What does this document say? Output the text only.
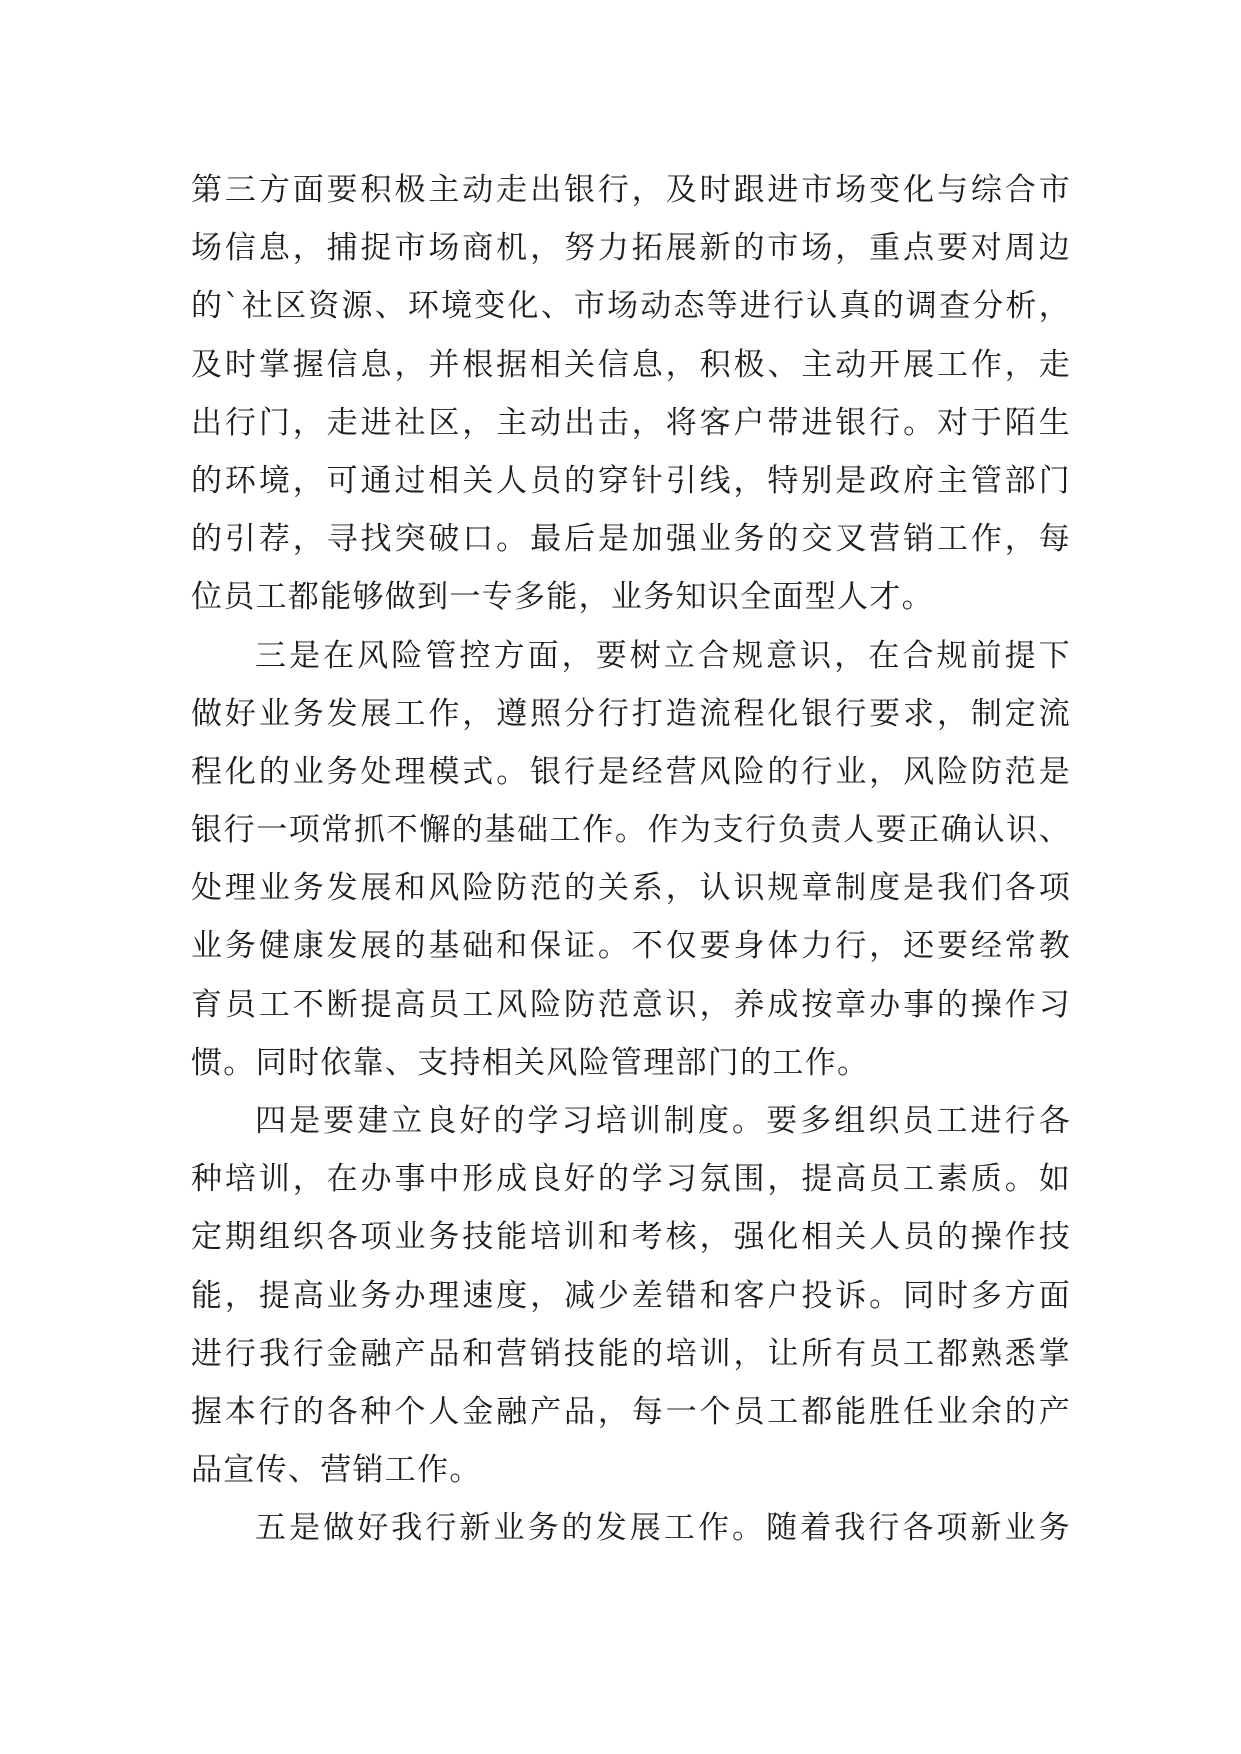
第三方面要积极主动走出银行，及时跟进市场变化与综合市
场信息，捕捉市场商机，努力拓展新的市场，重点要对周边
的`社区资源、环境变化、市场动态等进行认真的调查分析，
及时掌握信息，并根据相关信息，积极、主动开展工作，走
出行门，走进社区，主动出击，将客户带进银行。对于陌生
的环境，可通过相关人员的穿针引线，特别是政府主管部门
的引荐，寻找突破口。最后是加强业务的交叉营销工作，每
位员工都能够做到一专多能，业务知识全面型人才。
三是在风险管控方面，要树立合规意识，在合规前提下
做好业务发展工作，遵照分行打造流程化银行要求，制定流
程化的业务处理模式。银行是经营风险的行业，风险防范是
银行一项常抓不懈的基础工作。作为支行负责人要正确认识、
处理业务发展和风险防范的关系，认识规章制度是我们各项
业务健康发展的基础和保证。不仅要身体力行，还要经常教
育员工不断提高员工风险防范意识，养成按章办事的操作习
惯。同时依靠、支持相关风险管理部门的工作。
四是要建立良好的学习培训制度。要多组织员工进行各
种培训，在办事中形成良好的学习氛围，提高员工素质。如
定期组织各项业务技能培训和考核，强化相关人员的操作技
能，提高业务办理速度，减少差错和客户投诉。同时多方面
进行我行金融产品和营销技能的培训，让所有员工都熟悉掌
握本行的各种个人金融产品，每一个员工都能胜任业余的产
品宣传、营销工作。
五是做好我行新业务的发展工作。随着我行各项新业务
